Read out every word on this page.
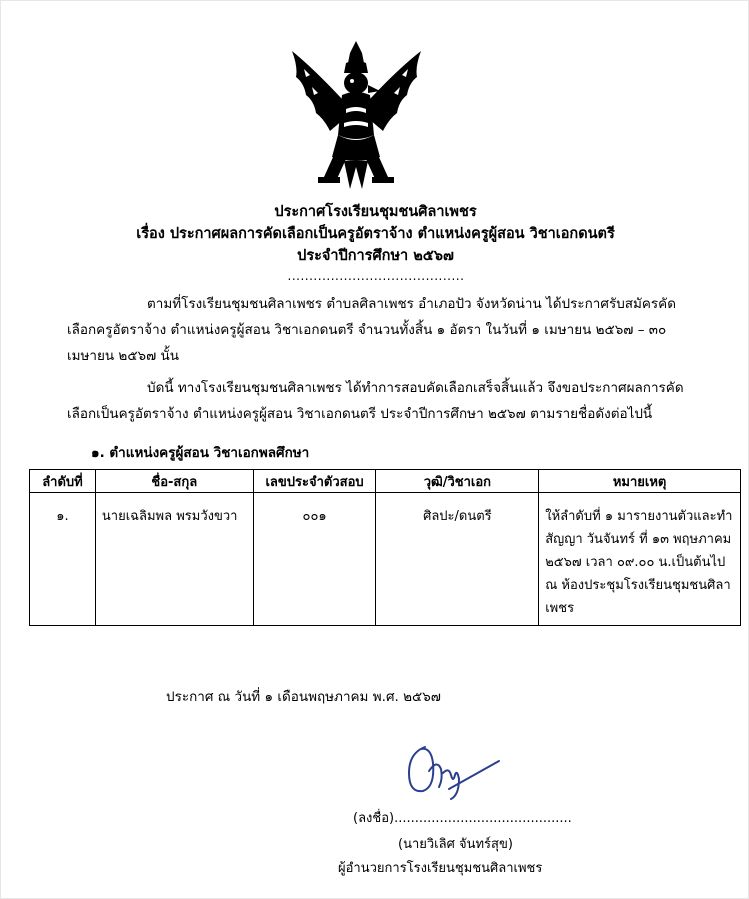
ประกาศโรงเรียนชุมชนศิลาเพชร
เรื่อง ประกาศผลการคัดเลือกเป็นครูอัตราจ้าง ตำแหน่งครูผู้สอน วิชาเอกดนตรี
ประจำปีการศึกษา ๒๕๖๗
.........................................
ตามที่โรงเรียนชุมชนศิลาเพชร ตำบลศิลาเพชร อำเภอปัว จังหวัดน่าน ได้ประกาศรับสมัครคัดเลือกครูอัตราจ้าง ตำแหน่งครูผู้สอน วิชาเอกดนตรี จำนวนทั้งสิ้น ๑ อัตรา ในวันที่ ๑ เมษายน ๒๕๖๗ – ๓๐ เมษายน ๒๕๖๗ นั้น
บัดนี้ ทางโรงเรียนชุมชนศิลาเพชร ได้ทำการสอบคัดเลือกเสร็จสิ้นแล้ว จึงขอประกาศผลการคัดเลือกเป็นครูอัตราจ้าง ตำแหน่งครูผู้สอน วิชาเอกดนตรี ประจำปีการศึกษา ๒๕๖๗ ตามรายชื่อดังต่อไปนี้
๑. ตำแหน่งครูผู้สอน วิชาเอกพลศึกษา
ลำดับที่	ชื่อ-สกุล	เลขประจำตัวสอบ	วุฒิ/วิชาเอก	หมายเหตุ
๑.	นายเฉลิมพล พรมวังขวา	๐๐๑	ศิลปะ/ดนตรี	ให้ลำดับที่ ๑ มารายงานตัวและทำสัญญา วันจันทร์ ที่ ๑๓ พฤษภาคม ๒๕๖๗ เวลา ๐๙.๐๐ น.เป็นต้นไป ณ ห้องประชุมโรงเรียนชุมชนศิลาเพชร
ประกาศ ณ วันที่ ๑ เดือนพฤษภาคม พ.ศ. ๒๕๖๗
(ลงชื่อ)...........................................
(นายวิเลิศ จันทร์สุข)
ผู้อำนวยการโรงเรียนชุมชนศิลาเพชร
